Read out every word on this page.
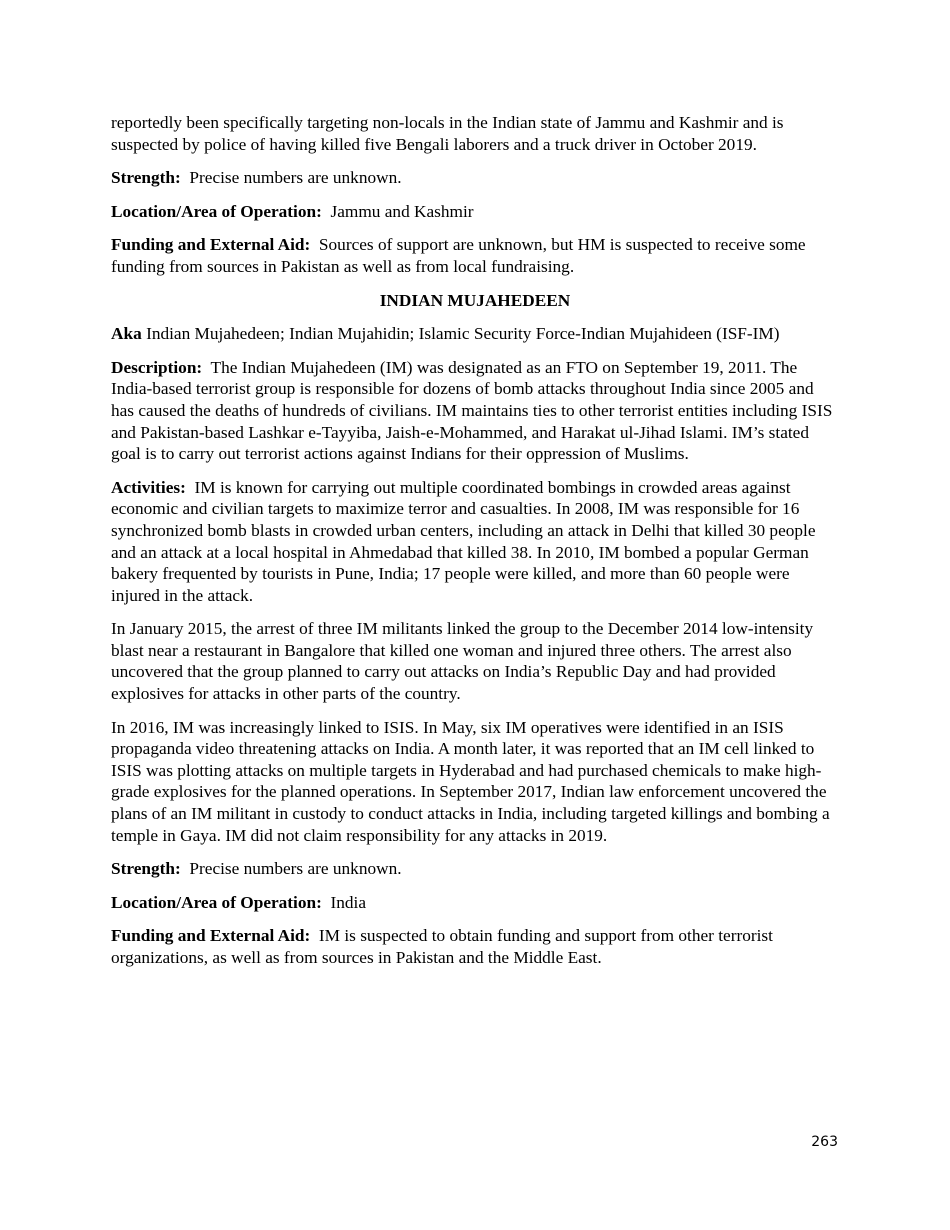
reportedly been specifically targeting non-locals in the Indian state of Jammu and Kashmir and is suspected by police of having killed five Bengali laborers and a truck driver in October 2019.

Strength: Precise numbers are unknown.

Location/Area of Operation: Jammu and Kashmir

Funding and External Aid: Sources of support are unknown, but HM is suspected to receive some funding from sources in Pakistan as well as from local fundraising.

INDIAN MUJAHEDEEN

Aka Indian Mujahedeen; Indian Mujahidin; Islamic Security Force-Indian Mujahideen (ISF-IM)

Description: The Indian Mujahedeen (IM) was designated as an FTO on September 19, 2011. The India-based terrorist group is responsible for dozens of bomb attacks throughout India since 2005 and has caused the deaths of hundreds of civilians. IM maintains ties to other terrorist entities including ISIS and Pakistan-based Lashkar e-Tayyiba, Jaish-e-Mohammed, and Harakat ul-Jihad Islami. IM’s stated goal is to carry out terrorist actions against Indians for their oppression of Muslims.

Activities: IM is known for carrying out multiple coordinated bombings in crowded areas against economic and civilian targets to maximize terror and casualties. In 2008, IM was responsible for 16 synchronized bomb blasts in crowded urban centers, including an attack in Delhi that killed 30 people and an attack at a local hospital in Ahmedabad that killed 38. In 2010, IM bombed a popular German bakery frequented by tourists in Pune, India; 17 people were killed, and more than 60 people were injured in the attack.

In January 2015, the arrest of three IM militants linked the group to the December 2014 low-intensity blast near a restaurant in Bangalore that killed one woman and injured three others. The arrest also uncovered that the group planned to carry out attacks on India’s Republic Day and had provided explosives for attacks in other parts of the country.

In 2016, IM was increasingly linked to ISIS. In May, six IM operatives were identified in an ISIS propaganda video threatening attacks on India. A month later, it was reported that an IM cell linked to ISIS was plotting attacks on multiple targets in Hyderabad and had purchased chemicals to make high-grade explosives for the planned operations. In September 2017, Indian law enforcement uncovered the plans of an IM militant in custody to conduct attacks in India, including targeted killings and bombing a temple in Gaya. IM did not claim responsibility for any attacks in 2019.

Strength: Precise numbers are unknown.

Location/Area of Operation: India

Funding and External Aid: IM is suspected to obtain funding and support from other terrorist organizations, as well as from sources in Pakistan and the Middle East.

263
